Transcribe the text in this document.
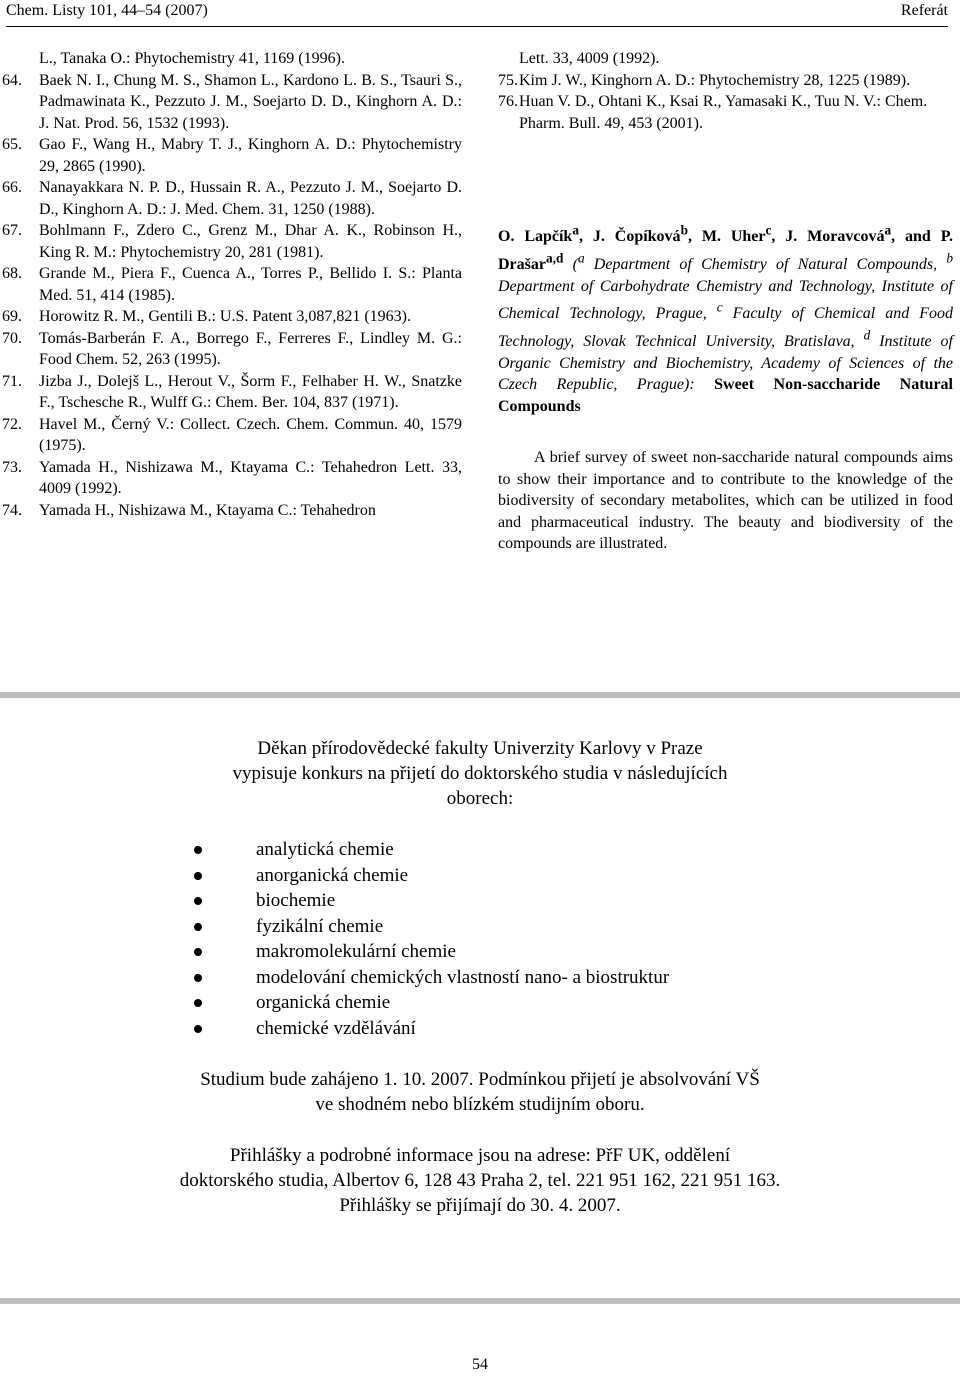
Chem. Listy 101, 44–54 (2007)	Referát
L., Tanaka O.: Phytochemistry 41, 1169 (1996).
64.	Baek N. I., Chung M. S., Shamon L., Kardono L. B. S., Tsauri S., Padmawinata K., Pezzuto J. M., Soejarto D. D., Kinghorn A. D.: J. Nat. Prod. 56, 1532 (1993).
65.	Gao F., Wang H., Mabry T. J., Kinghorn A. D.: Phytochemistry 29, 2865 (1990).
66.	Nanayakkara N. P. D., Hussain R. A., Pezzuto J. M., Soejarto D. D., Kinghorn A. D.: J. Med. Chem. 31, 1250 (1988).
67.	Bohlmann F., Zdero C., Grenz M., Dhar A. K., Robinson H., King R. M.: Phytochemistry 20, 281 (1981).
68.	Grande M., Piera F., Cuenca A., Torres P., Bellido I. S.: Planta Med. 51, 414 (1985).
69.	Horowitz R. M., Gentili B.: U.S. Patent 3,087,821 (1963).
70.	Tomás-Barberán F. A., Borrego F., Ferreres F., Lindley M. G.: Food Chem. 52, 263 (1995).
71.	Jizba J., Dolejš L., Herout V., Šorm F., Felhaber H. W., Snatzke F., Tschesche R., Wulff G.: Chem. Ber. 104, 837 (1971).
72.	Havel M., Černý V.: Collect. Czech. Chem. Commun. 40, 1579 (1975).
73.	Yamada H., Nishizawa M., Ktayama C.: Tehahedron Lett. 33, 4009 (1992).
74.	Yamada H., Nishizawa M., Ktayama C.: Tehahedron
Lett. 33, 4009 (1992).
75. Kim J. W., Kinghorn A. D.: Phytochemistry 28, 1225 (1989).
76. Huan V. D., Ohtani K., Ksai R., Yamasaki K., Tuu N. V.: Chem. Pharm. Bull. 49, 453 (2001).
O. Lapčík$^a$, J. Čopíková$^b$, M. Uher$^c$, J. Moravcová$^a$, and P. Drašar$^{a,d}$ ($^a$ Department of Chemistry of Natural Compounds, $^b$ Department of Carbohydrate Chemistry and Technology, Institute of Chemical Technology, Prague, $^c$ Faculty of Chemical and Food Technology, Slovak Technical University, Bratislava, $^d$ Institute of Organic Chemistry and Biochemistry, Academy of Sciences of the Czech Republic, Prague): Sweet Non-saccharide Natural Compounds
A brief survey of sweet non-saccharide natural compounds aims to show their importance and to contribute to the knowledge of the biodiversity of secondary metabolites, which can be utilized in food and pharmaceutical industry. The beauty and biodiversity of the compounds are illustrated.
Děkan přírodovědecké fakulty Univerzity Karlovy v Praze
vypisuje konkurs na přijetí do doktorského studia v následujících
oborech:
analytická chemie
anorganická chemie
biochemie
fyzikální chemie
makromolekulární chemie
modelování chemických vlastností nano- a biostruktur
organická chemie
chemické vzdělávání
Studium bude zahájeno 1. 10. 2007. Podmínkou přijetí je absolvování VŠ
ve shodném nebo blízkém studijním oboru.
Přihlášky a podrobné informace jsou na adrese: PřF UK, oddělení
doktorského studia, Albertov 6, 128 43 Praha 2, tel. 221 951 162, 221 951 163.
Přihlášky se přijímají do 30. 4. 2007.
54
